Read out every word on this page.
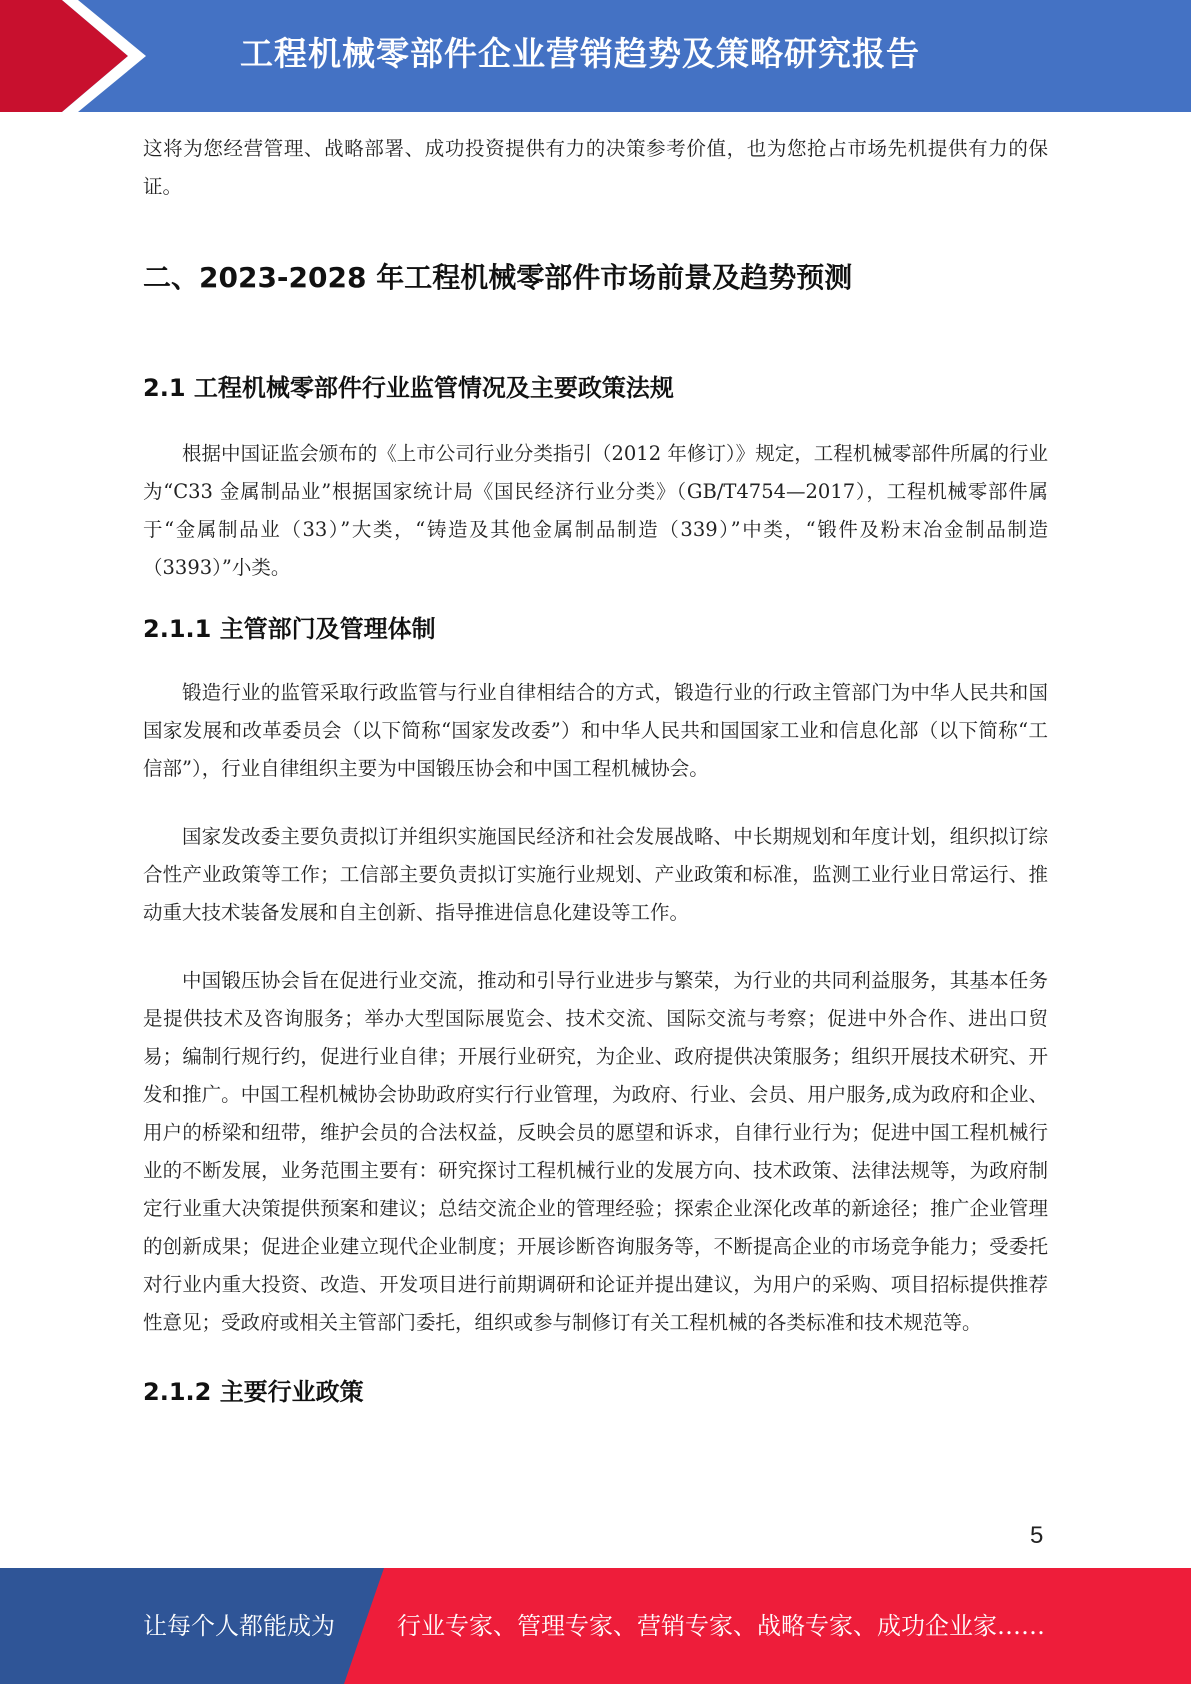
工程机械零部件企业营销趋势及策略研究报告

这将为您经营管理、战略部署、成功投资提供有力的决策参考价值，也为您抢占市场先机提供有力的保证。

二、2023-2028 年工程机械零部件市场前景及趋势预测
2.1 工程机械零部件行业监管情况及主要政策法规

根据中国证监会颁布的《上市公司行业分类指引（2012 年修订）》规定，工程机械零部件所属的行业为“C33 金属制品业”根据国家统计局《国民经济行业分类》（GB/T4754—2017），工程机械零部件属于“金属制品业（33）”大类，“铸造及其他金属制品制造（339）”中类，“锻件及粉末冶金制品制造（3393）”小类。

2.1.1 主管部门及管理体制

锻造行业的监管采取行政监管与行业自律相结合的方式，锻造行业的行政主管部门为中华人民共和国国家发展和改革委员会（以下简称“国家发改委”）和中华人民共和国国家工业和信息化部（以下简称“工信部”），行业自律组织主要为中国锻压协会和中国工程机械协会。

国家发改委主要负责拟订并组织实施国民经济和社会发展战略、中长期规划和年度计划，组织拟订综合性产业政策等工作；工信部主要负责拟订实施行业规划、产业政策和标准，监测工业行业日常运行、推动重大技术装备发展和自主创新、指导推进信息化建设等工作。

中国锻压协会旨在促进行业交流，推动和引导行业进步与繁荣，为行业的共同利益服务，其基本任务是提供技术及咨询服务；举办大型国际展览会、技术交流、国际交流与考察；促进中外合作、进出口贸易；编制行规行约，促进行业自律；开展行业研究，为企业、政府提供决策服务；组织开展技术研究、开发和推广。中国工程机械协会协助政府实行行业管理，为政府、行业、会员、用户服务,成为政府和企业、用户的桥梁和纽带，维护会员的合法权益，反映会员的愿望和诉求，自律行业行为；促进中国工程机械行业的不断发展，业务范围主要有：研究探讨工程机械行业的发展方向、技术政策、法律法规等，为政府制定行业重大决策提供预案和建议；总结交流企业的管理经验；探索企业深化改革的新途径；推广企业管理的创新成果；促进企业建立现代企业制度；开展诊断咨询服务等，不断提高企业的市场竞争能力；受委托对行业内重大投资、改造、开发项目进行前期调研和论证并提出建议，为用户的采购、项目招标提供推荐性意见；受政府或相关主管部门委托，组织或参与制修订有关工程机械的各类标准和技术规范等。

2.1.2 主要行业政策
5
让每个人都能成为	行业专家、管理专家、营销专家、战略专家、成功企业家……
